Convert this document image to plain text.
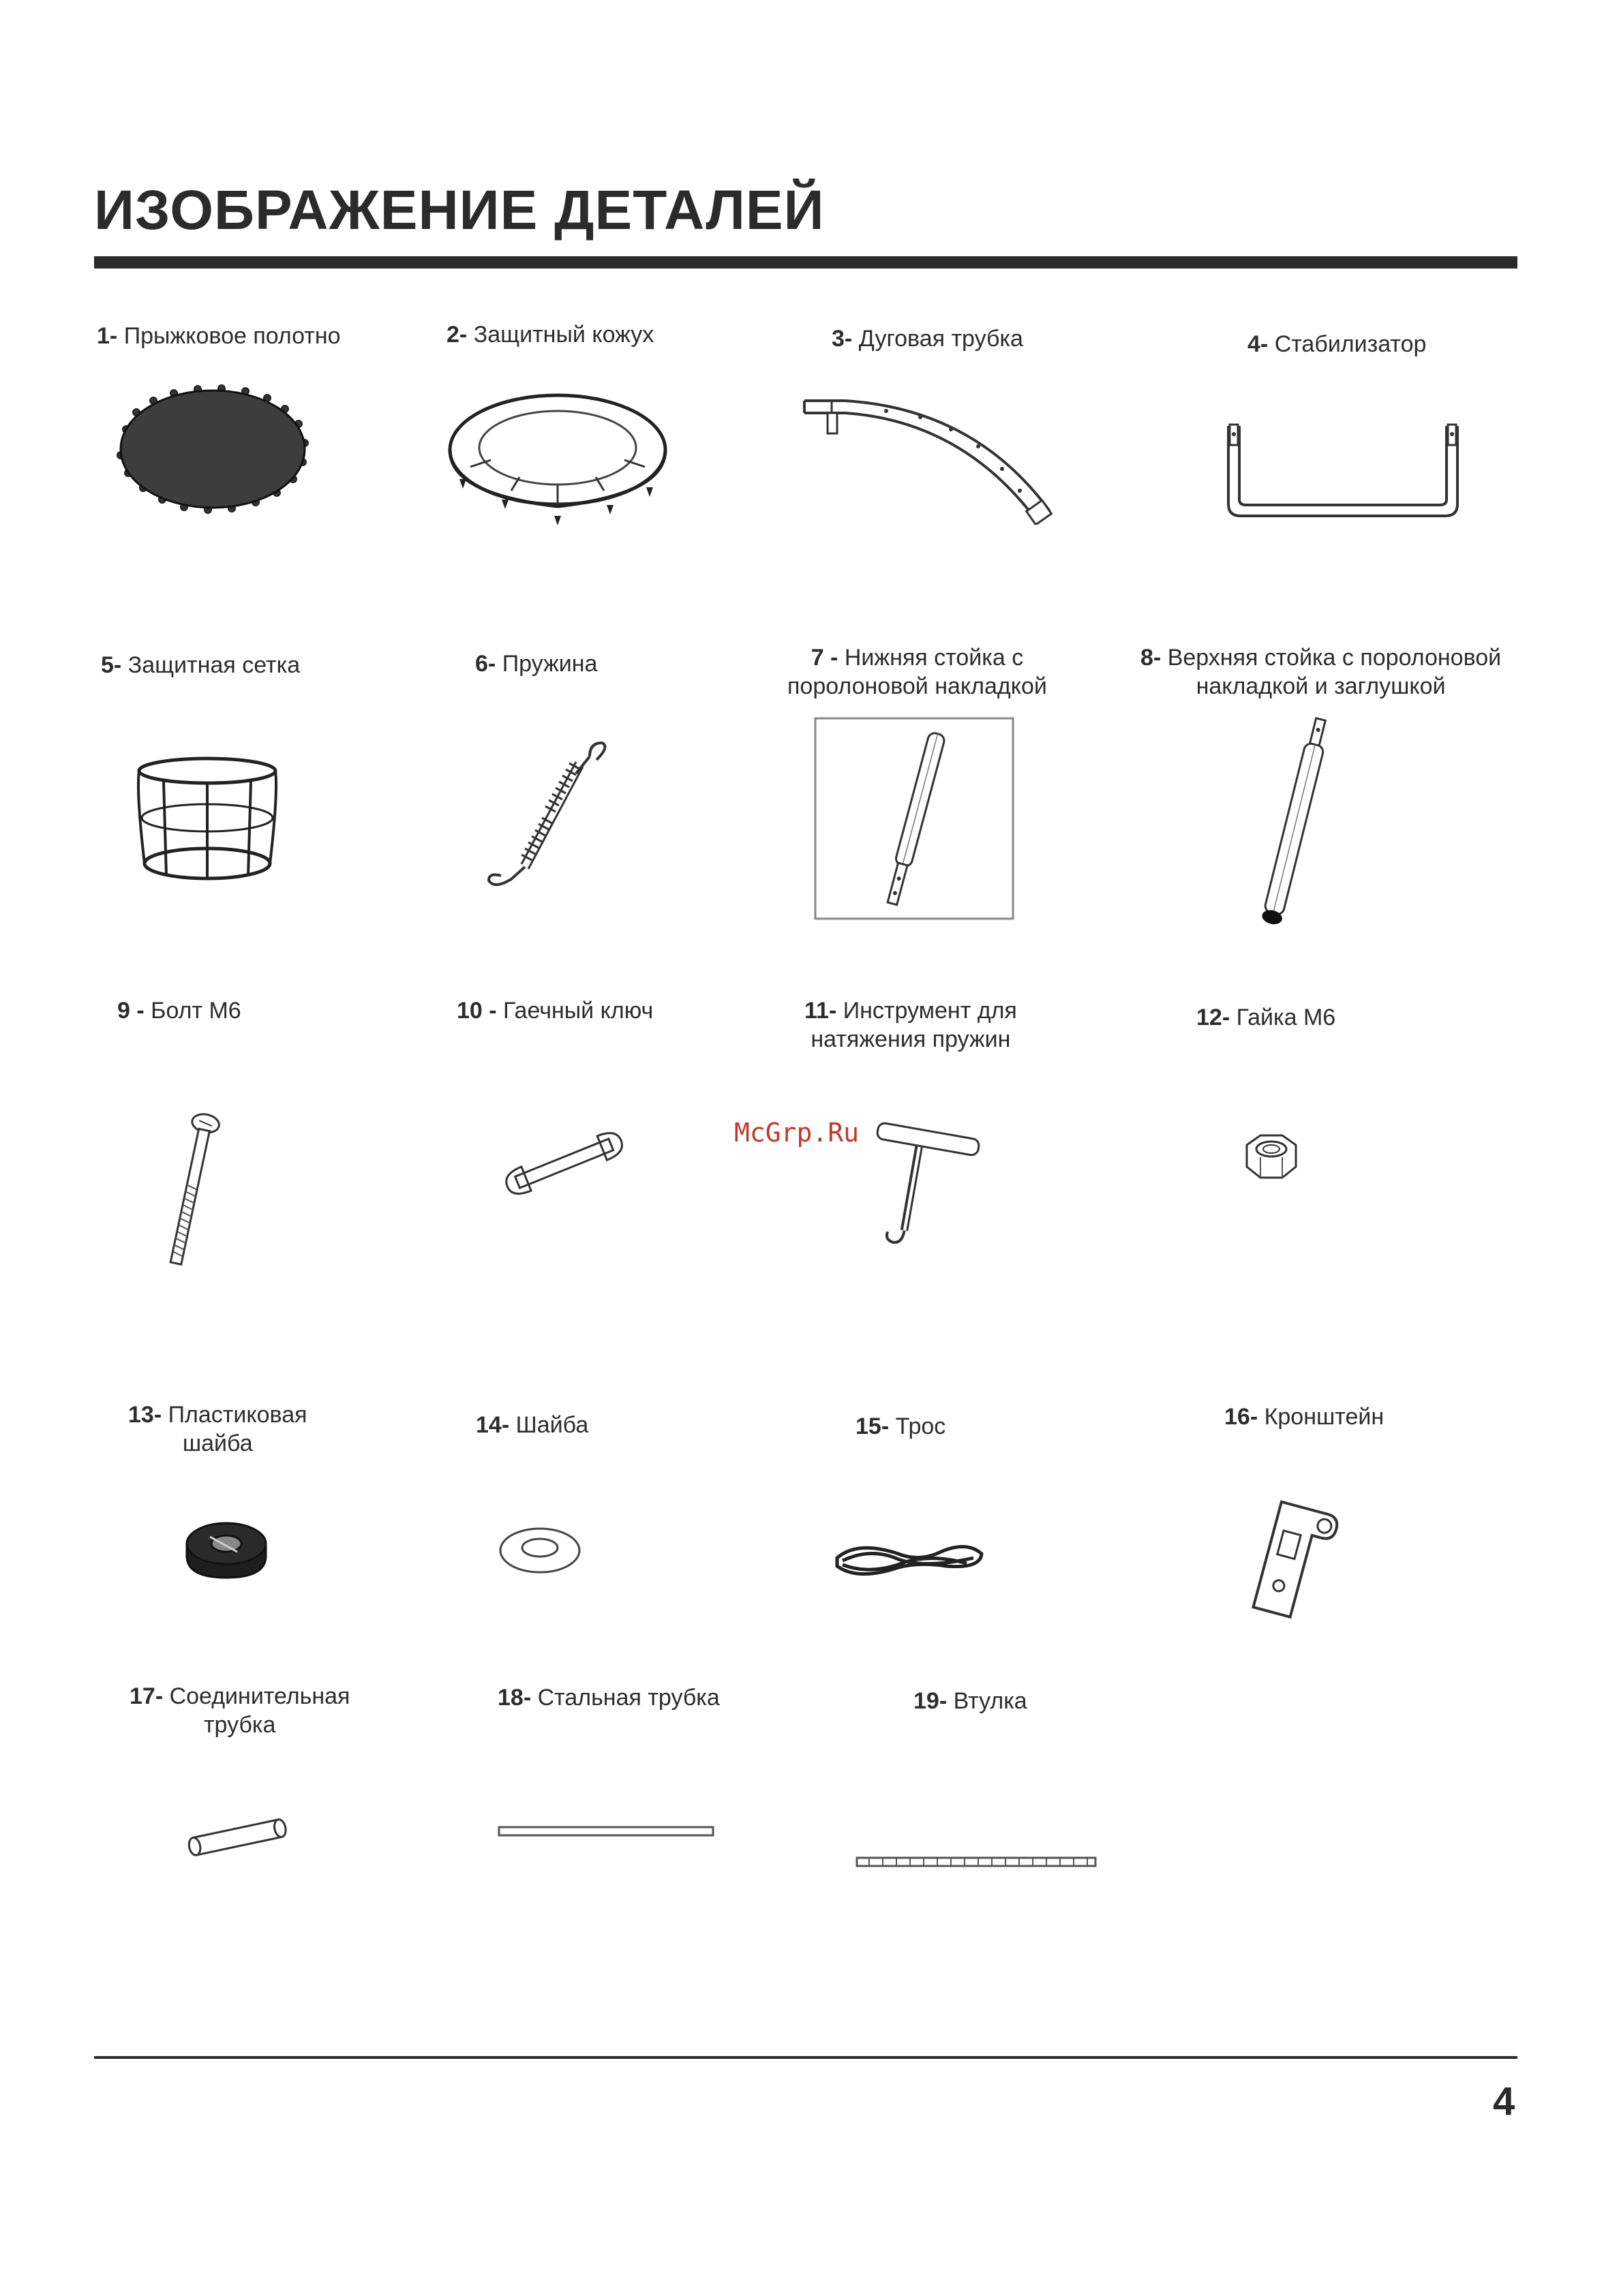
ИЗОБРАЖЕНИЕ ДЕТАЛЕЙ
1- Прыжковое полотно	2- Защитный кожух	3- Дуговая трубка	4- Стабилизатор
5- Защитная сетка	6- Пружина	7 - Нижняя стойка с
поролоновой накладкой
8- Верхняя стойка с поролоновой
накладкой и заглушкой
9 - Болт М6	10 - Гаечный ключ	11- Инструмент для
натяжения пружин
12- Гайка М6
13- Пластиковая
шайба
14- Шайба	15- Трос	16- Кронштейн
17- Соединительная
трубка
18- Стальная трубка	19- Втулка
McGrp.Ru
4
